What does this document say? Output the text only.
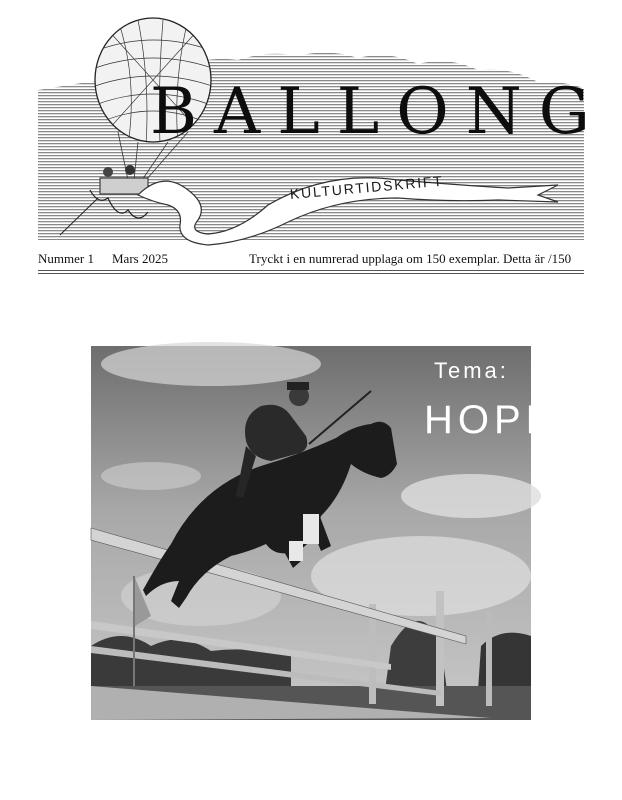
BALLONG
KULTURTIDSKRIFT
Nummer 1 Mars 2025	Tryckt i en numrerad upplaga om 150 exemplar. Detta är /150
Tema:
HOPP
